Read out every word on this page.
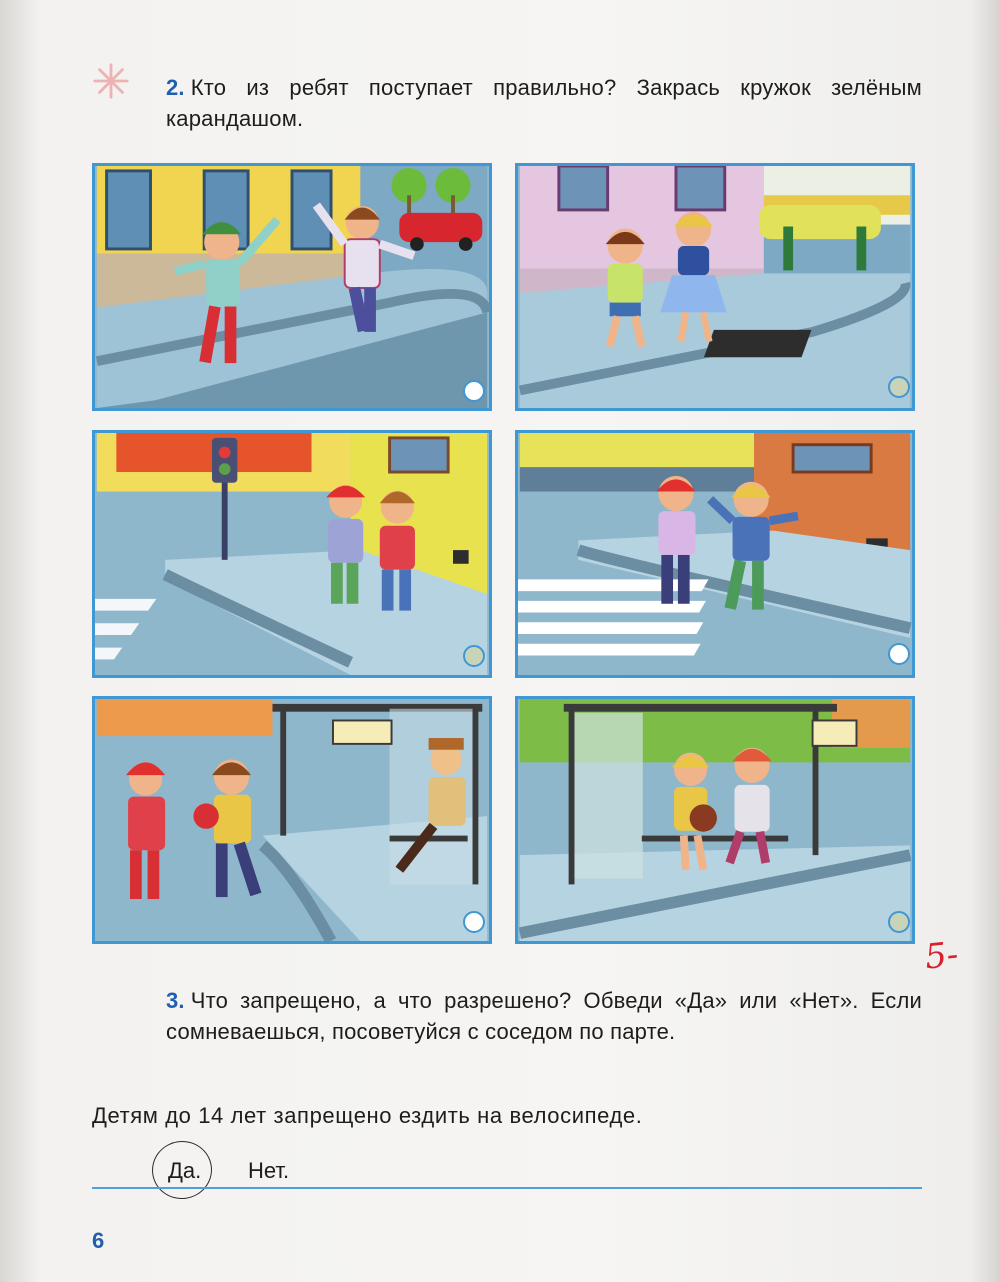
2. Кто из ребят поступает правильно? Закрась кружок зелёным карандашом.
5-
3. Что запрещено, а что разрешено? Обведи «Да» или «Нет». Если сомневаешься, посоветуйся с соседом по парте.
Детям до 14 лет запрещено ездить на велосипеде.
Да. Нет.
6
